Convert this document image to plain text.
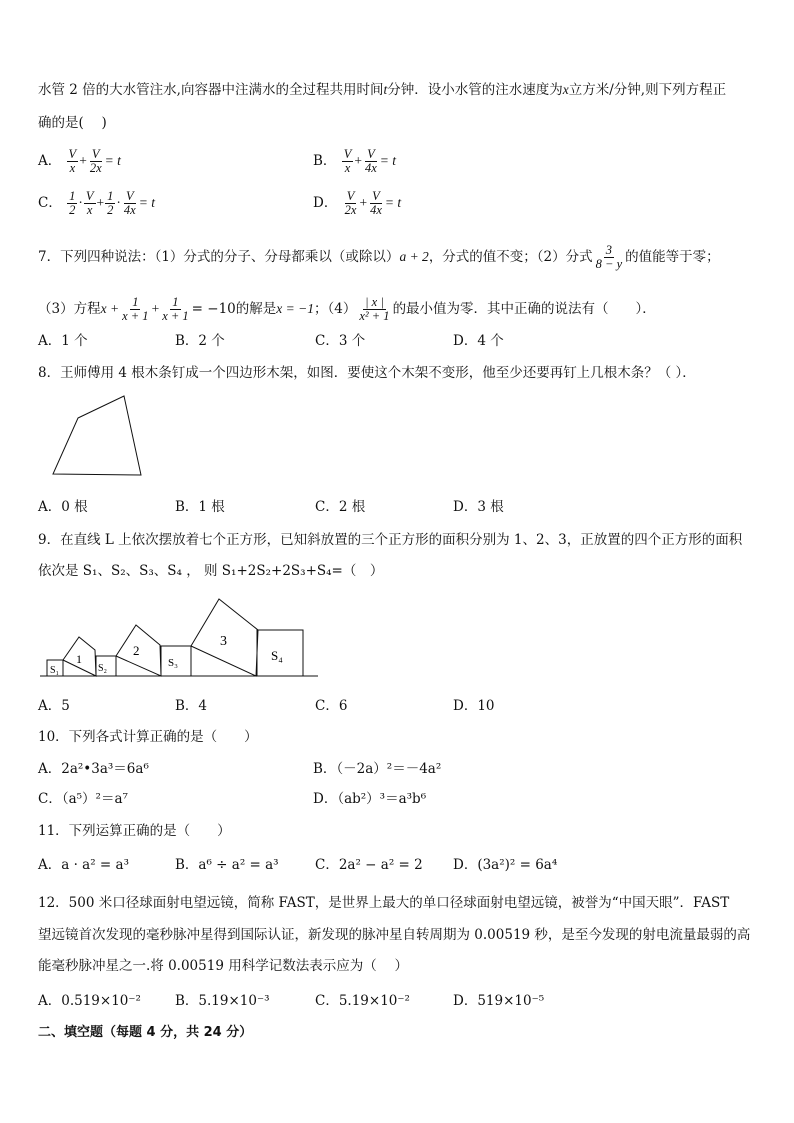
水管 2 倍的大水管注水,向容器中注满水的全过程共用时间t分钟．设小水管的注水速度为x立方米/分钟,则下列方程正
确的是(　 )
A． $\frac{V}{x} + \frac{V}{2x} = t$	B． $\frac{V}{x} + \frac{V}{4x} = t$
C． $\frac{1}{2} \cdot \frac{V}{x} + \frac{1}{2} \cdot \frac{V}{4x} = t$	D． $\frac{V}{2x} + \frac{V}{4x} = t$
7．下列四种说法：（1）分式的分子、分母都乘以（或除以）a + 2，分式的值不变；（2）分式 $\frac{3}{8 - y}$ 的值能等于零；
（3）方程$x + \frac{1}{x + 1} + \frac{1}{x + 1} = -10$的解是x = −1；$(4) \frac{| x |}{\text{x² + 1}}$ 的最小值为零．其中正确的说法有（　　）．
A．1 个	B．2 个	C．3 个	D．4 个
8．王师傅用 4 根木条钉成一个四边形木架，如图．要使这个木架不变形，他至少还要再钉上几根木条？（ ）．
A．0 根	B．1 根	C．2 根	D．3 根
9．在直线 L 上依次摆放着七个正方形，已知斜放置的三个正方形的面积分别为 1、2、3，正放置的四个正方形的面积
依次是 S₁、S₂、S₃、S₄ ， 则 S₁+2S₂+2S₃+S₄=（　）
S₁
1
S₂
2
S₃
3
S₄
A．5	B．4	C．6	D．10
10．下列各式计算正确的是（　　）
A．2a²•3a³＝6a⁶	B．（－2a）²＝－4a²
C．（a⁵）²＝a⁷	D．（ab²）³＝a³b⁶
11．下列运算正确的是（　　）
A．a · a² = a³	B．a⁶ ÷ a² = a³	C．2a² − a² = 2 D．(3a²)² = 6a⁴
12．500 米口径球面射电望远镜，简称 FAST，是世界上最大的单口径球面射电望远镜，被誉为“中国天眼”．FAST
望远镜首次发现的毫秒脉冲星得到国际认证，新发现的脉冲星自转周期为 0.00519 秒，是至今发现的射电流量最弱的高
能毫秒脉冲星之一.将 0.00519 用科学记数法表示应为（　 ）
A．0.519×10⁻²	B．5.19×10⁻³	C．5.19×10⁻²	D．519×10⁻⁵
二、填空题（每题 4 分，共 24 分）
